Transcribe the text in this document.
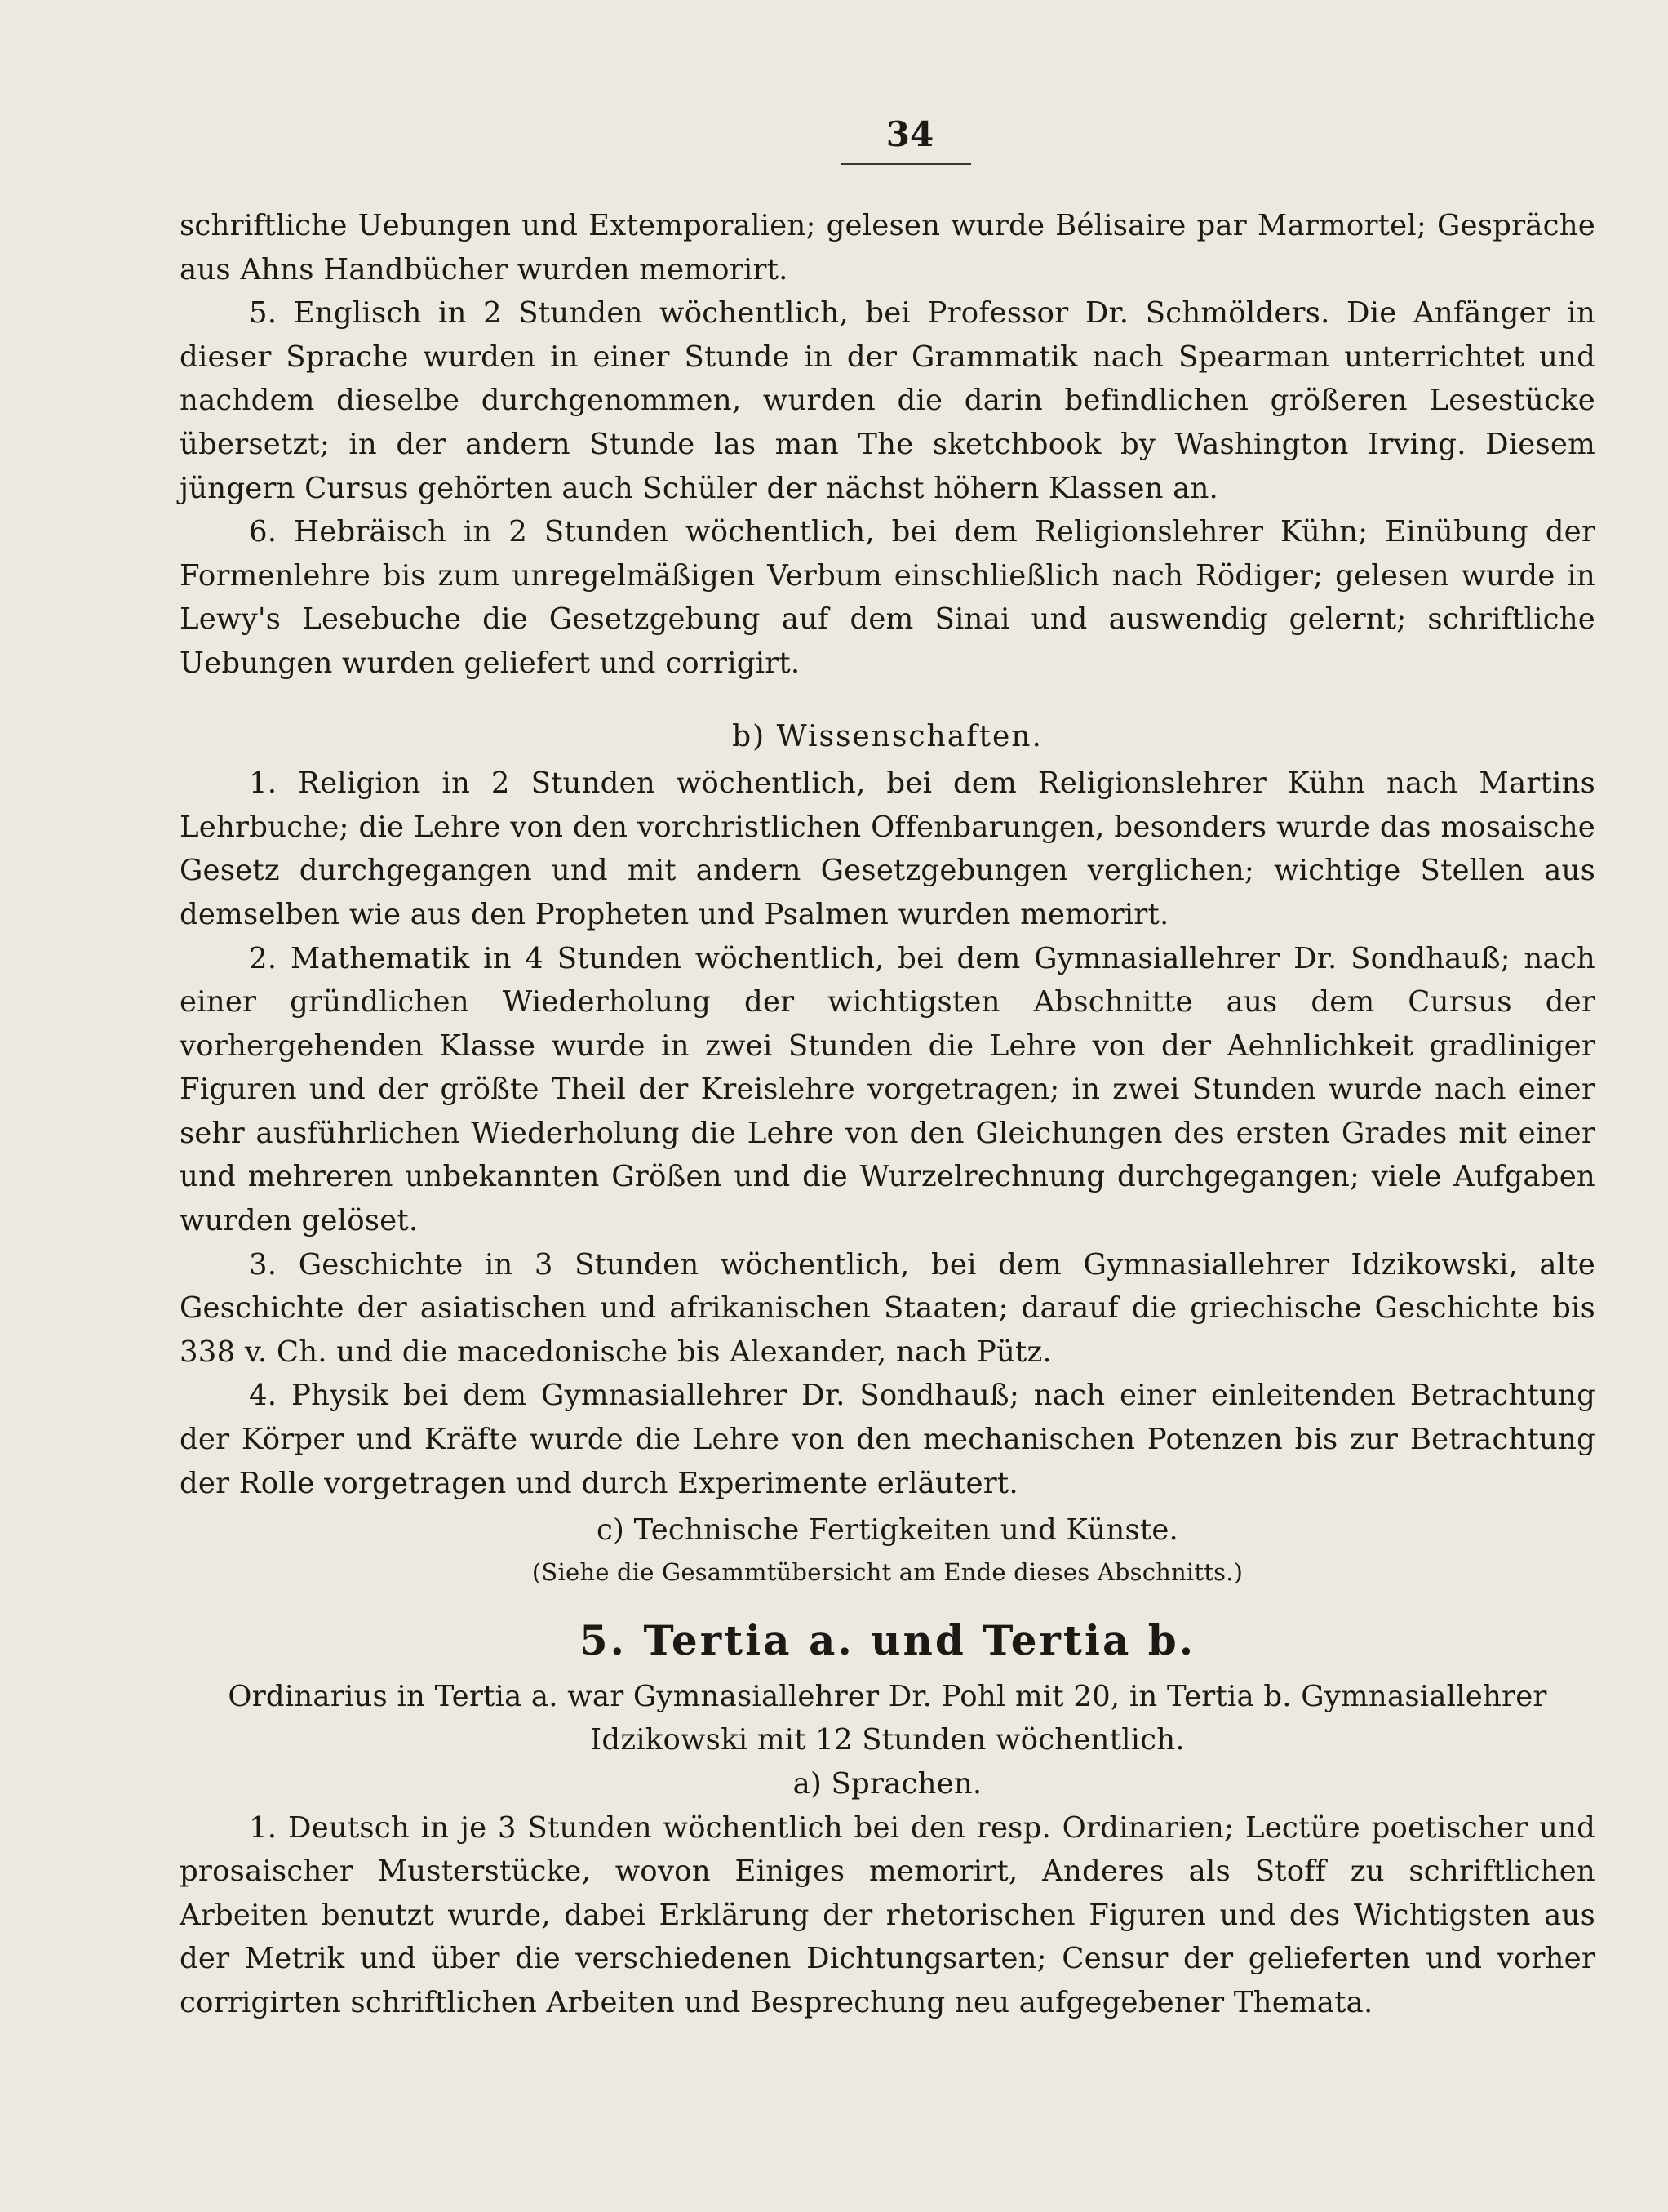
34

schriftliche Uebungen und Extemporalien; gelesen wurde Bélisaire par Marmortel; Gespräche aus Ahns Handbücher wurden memorirt.

5. Englisch in 2 Stunden wöchentlich, bei Professor Dr. Schmölders. Die Anfänger in dieser Sprache wurden in einer Stunde in der Grammatik nach Spearman unterrichtet und nachdem dieselbe durchgenommen, wurden die darin befindlichen größeren Lesestücke übersetzt; in der andern Stunde las man The sketchbook by Washington Irving. Diesem jüngern Cursus gehörten auch Schüler der nächst höhern Klassen an.

6. Hebräisch in 2 Stunden wöchentlich, bei dem Religionslehrer Kühn; Einübung der Formenlehre bis zum unregelmäßigen Verbum einschließlich nach Rödiger; gelesen wurde in Lewy's Lesebuche die Gesetzgebung auf dem Sinai und auswendig gelernt; schriftliche Uebungen wurden geliefert und corrigirt.

b) Wissenschaften.

1. Religion in 2 Stunden wöchentlich, bei dem Religionslehrer Kühn nach Martins Lehrbuche; die Lehre von den vorchristlichen Offenbarungen, besonders wurde das mosaische Gesetz durchgegangen und mit andern Gesetzgebungen verglichen; wichtige Stellen aus demselben wie aus den Propheten und Psalmen wurden memorirt.

2. Mathematik in 4 Stunden wöchentlich, bei dem Gymnasiallehrer Dr. Sondhauß; nach einer gründlichen Wiederholung der wichtigsten Abschnitte aus dem Cursus der vorhergehenden Klasse wurde in zwei Stunden die Lehre von der Aehnlichkeit gradliniger Figuren und der größte Theil der Kreislehre vorgetragen; in zwei Stunden wurde nach einer sehr ausführlichen Wiederholung die Lehre von den Gleichungen des ersten Grades mit einer und mehreren unbekannten Größen und die Wurzelrechnung durchgegangen; viele Aufgaben wurden gelöset.

3. Geschichte in 3 Stunden wöchentlich, bei dem Gymnasiallehrer Idzikowski, alte Geschichte der asiatischen und afrikanischen Staaten; darauf die griechische Geschichte bis 338 v. Ch. und die macedonische bis Alexander, nach Pütz.

4. Physik bei dem Gymnasiallehrer Dr. Sondhauß; nach einer einleitenden Betrachtung der Körper und Kräfte wurde die Lehre von den mechanischen Potenzen bis zur Betrachtung der Rolle vorgetragen und durch Experimente erläutert.

c) Technische Fertigkeiten und Künste.

(Siehe die Gesammtübersicht am Ende dieses Abschnitts.)

5. Tertia a. und Tertia b.

Ordinarius in Tertia a. war Gymnasiallehrer Dr. Pohl mit 20, in Tertia b. Gymnasiallehrer Idzikowski mit 12 Stunden wöchentlich.

a) Sprachen.

1. Deutsch in je 3 Stunden wöchentlich bei den resp. Ordinarien; Lectüre poetischer und prosaischer Musterstücke, wovon Einiges memorirt, Anderes als Stoff zu schriftlichen Arbeiten benutzt wurde, dabei Erklärung der rhetorischen Figuren und des Wichtigsten aus der Metrik und über die verschiedenen Dichtungsarten; Censur der gelieferten und vorher corrigirten schriftlichen Arbeiten und Besprechung neu aufgegebener Themata.
